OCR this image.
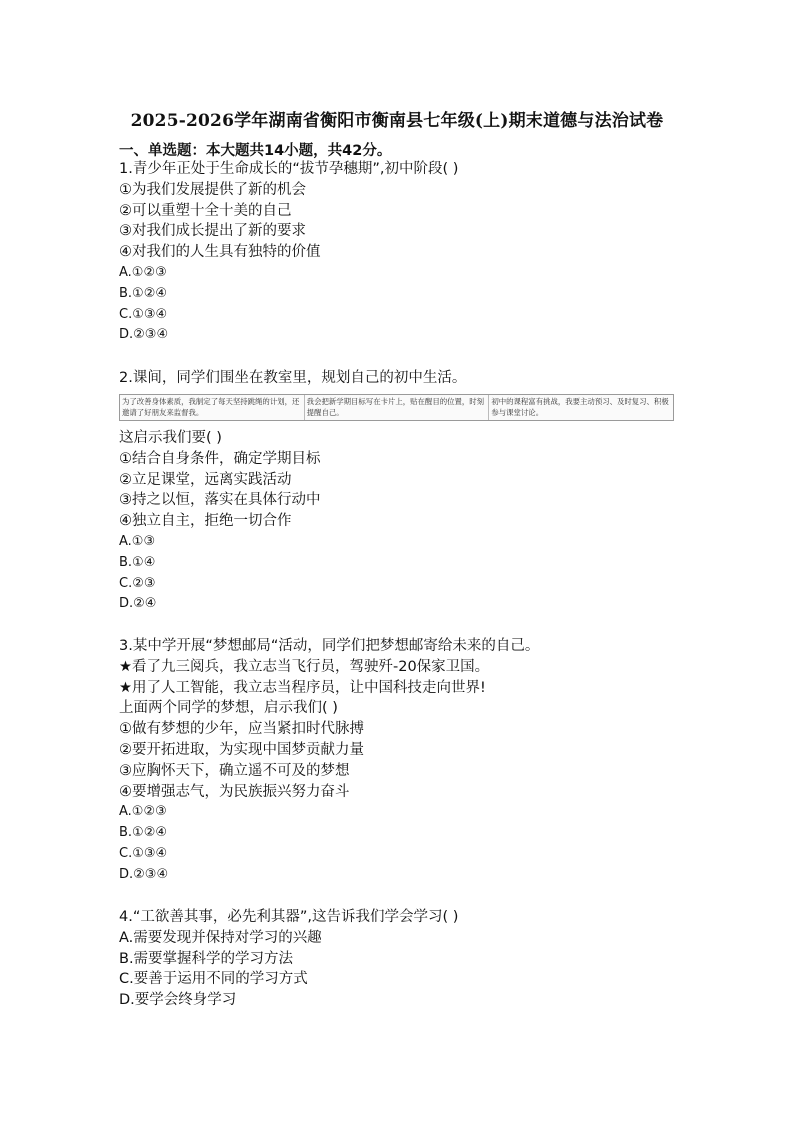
2025-2026学年湖南省衡阳市衡南县七年级(上)期末道德与法治试卷
一、单选题：本大题共14小题，共42分。
1.青少年正处于生命成长的“拔节孕穗期”,初中阶段( )
①为我们发展提供了新的机会
②可以重塑十全十美的自己
③对我们成长提出了新的要求
④对我们的人生具有独特的价值
A.①②③
B.①②④
C.①③④
D.②③④
2.课间，同学们围坐在教室里，规划自己的初中生活。
为了改善身体素质，我制定了每天坚持跳绳的计划，还邀请了好朋友来监督我。
我会把新学期目标写在卡片上，贴在醒目的位置，时刻提醒自己。
初中的课程富有挑战，我要主动预习、及时复习、积极参与课堂讨论。
这启示我们要( )
①结合自身条件，确定学期目标
②立足课堂，远离实践活动
③持之以恒，落实在具体行动中
④独立自主，拒绝一切合作
A.①③
B.①④
C.②③
D.②④
3.某中学开展“梦想邮局“活动，同学们把梦想邮寄给未来的自己。
★看了九三阅兵，我立志当飞行员，驾驶歼-20保家卫国。
★用了人工智能，我立志当程序员，让中国科技走向世界!
上面两个同学的梦想，启示我们( )
①做有梦想的少年，应当紧扣时代脉搏
②要开拓进取，为实现中国梦贡献力量
③应胸怀天下，确立遥不可及的梦想
④要增强志气，为民族振兴努力奋斗
A.①②③
B.①②④
C.①③④
D.②③④
4.“工欲善其事，必先利其器”,这告诉我们学会学习( )
A.需要发现并保持对学习的兴趣
B.需要掌握科学的学习方法
C.要善于运用不同的学习方式
D.要学会终身学习
